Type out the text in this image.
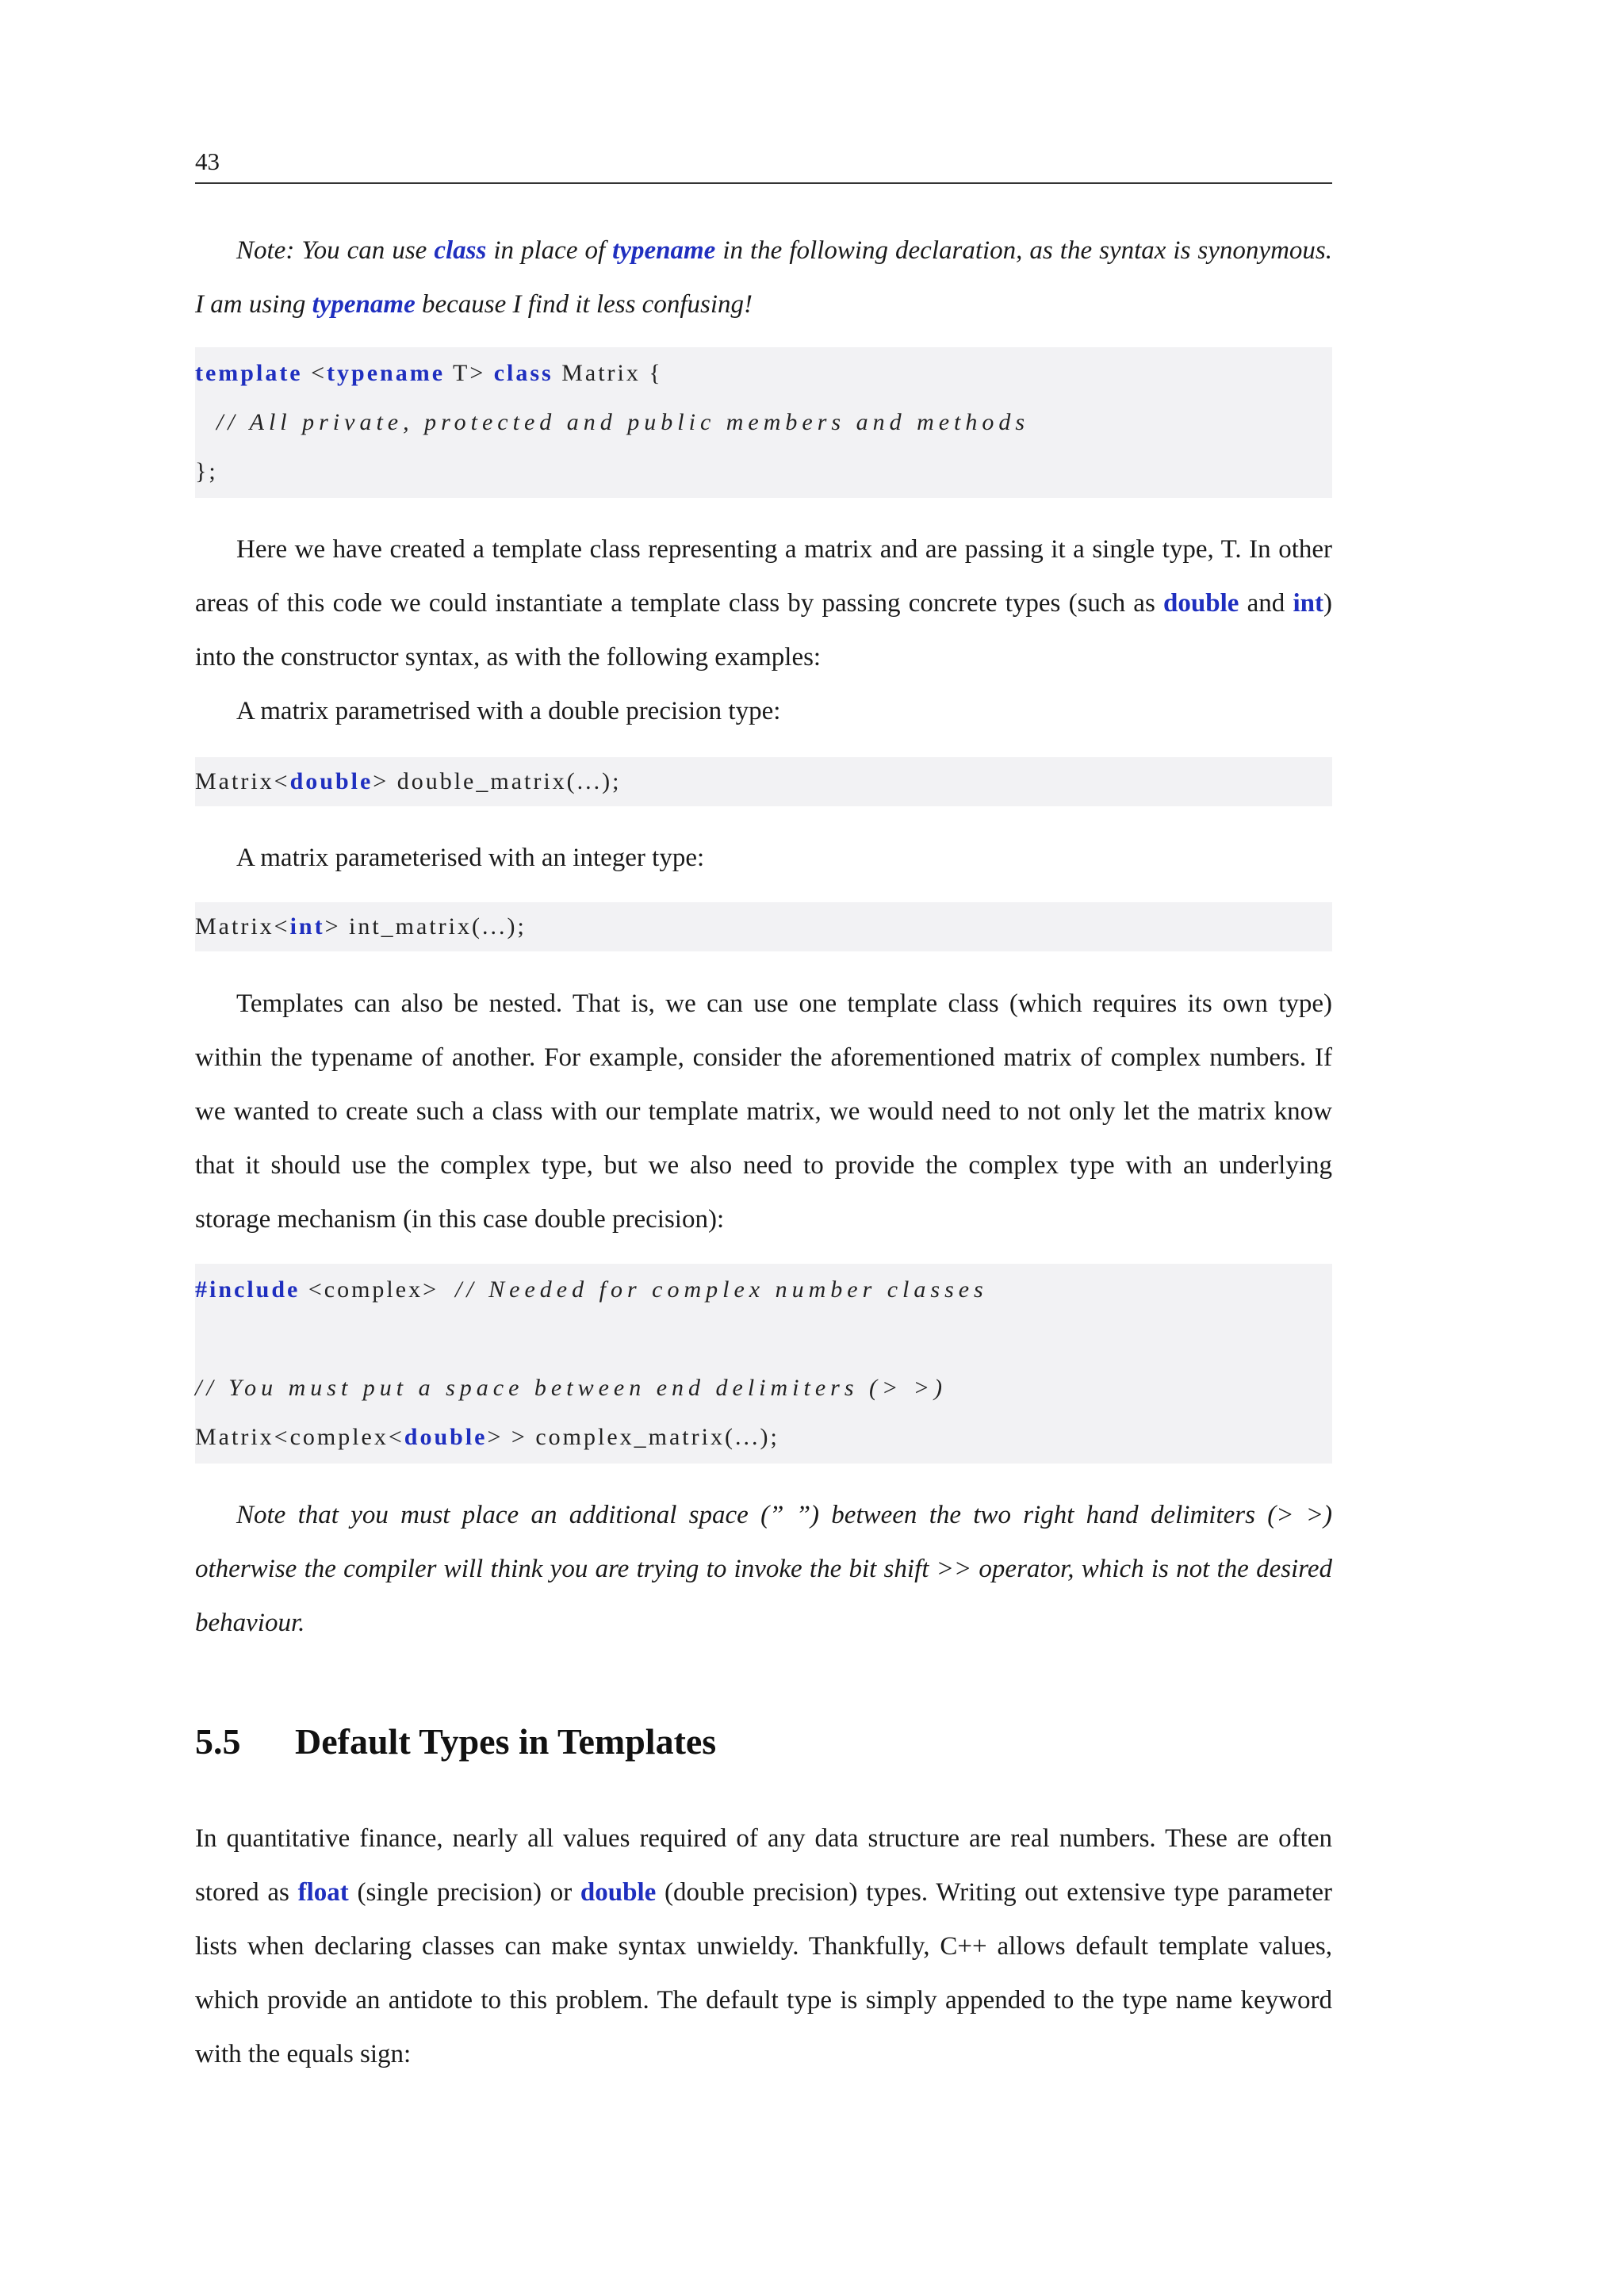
43

Note: You can use class in place of typename in the following declaration, as the syntax is synonymous. I am using typename because I find it less confusing!

template <typename T> class Matrix {
// All private, protected and public members and methods
};

Here we have created a template class representing a matrix and are passing it a single type, T. In other areas of this code we could instantiate a template class by passing concrete types (such as double and int) into the constructor syntax, as with the following examples:

A matrix parametrised with a double precision type:

Matrix<double> double_matrix(...);

A matrix parameterised with an integer type:

Matrix<int> int_matrix(...);

Templates can also be nested. That is, we can use one template class (which requires its own type) within the typename of another. For example, consider the aforementioned matrix of complex numbers. If we wanted to create such a class with our template matrix, we would need to not only let the matrix know that it should use the complex type, but we also need to provide the complex type with an underlying storage mechanism (in this case double precision):

#include <complex>  // Needed for complex number classes
// You must put a space between end delimiters (> >)
Matrix<complex<double> > complex_matrix(...);

Note that you must place an additional space (” ”) between the two right hand delimiters (> >) otherwise the compiler will think you are trying to invoke the bit shift >> operator, which is not the desired behaviour.

5.5 Default Types in Templates

In quantitative finance, nearly all values required of any data structure are real numbers. These are often stored as float (single precision) or double (double precision) types. Writing out extensive type parameter lists when declaring classes can make syntax unwieldy. Thankfully, C++ allows default template values, which provide an antidote to this problem. The default type is simply appended to the type name keyword with the equals sign:
